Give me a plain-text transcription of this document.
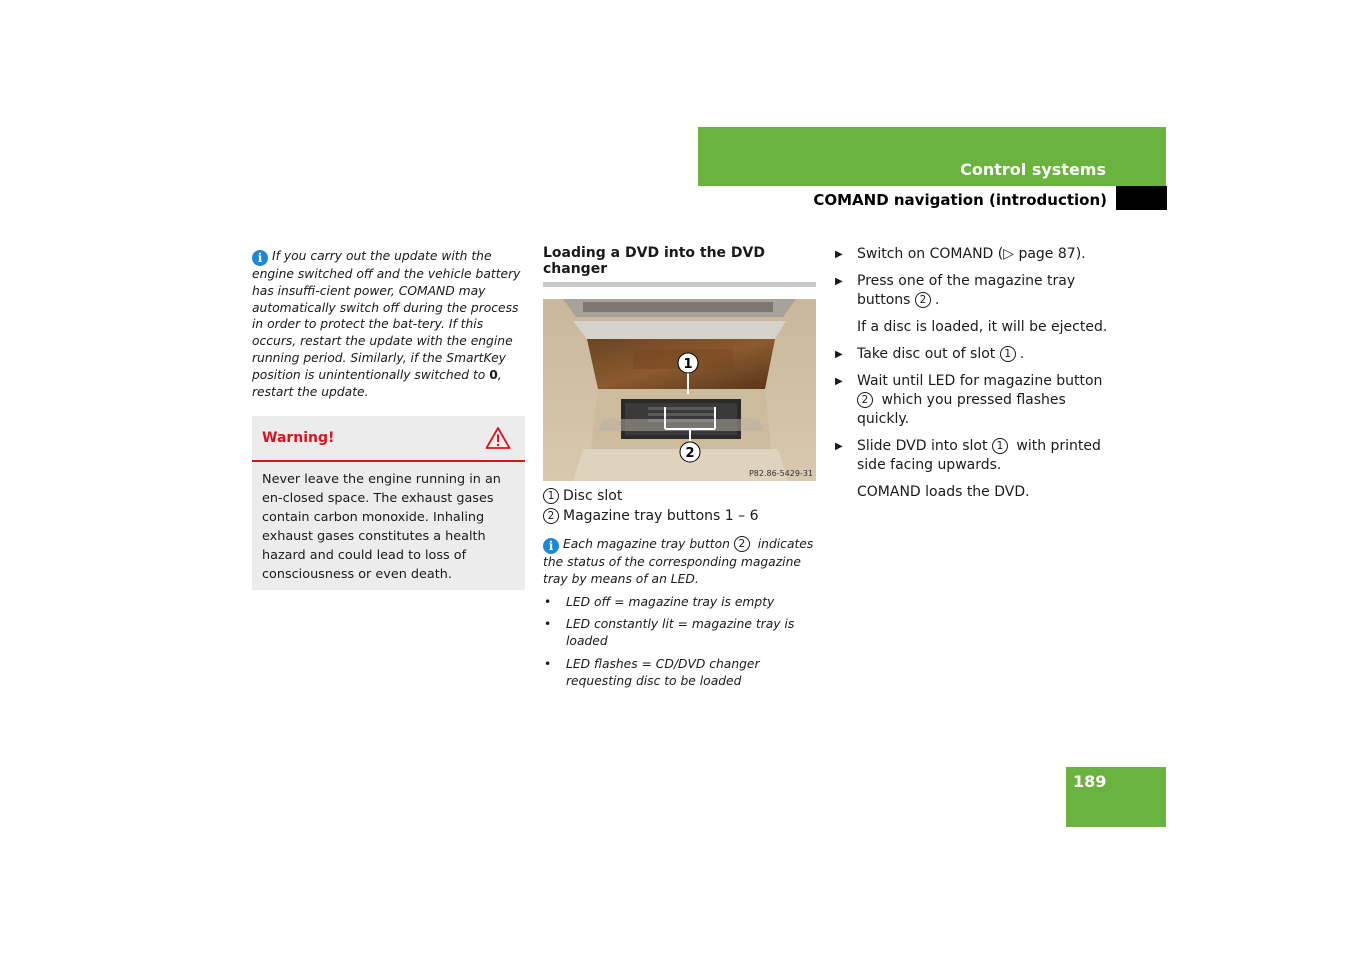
Control systems
COMAND navigation (introduction)
i If you carry out the update with the engine switched off and the vehicle battery has insuffi-cient power, COMAND may automatically switch off during the process in order to protect the bat-tery. If this occurs, restart the update with the engine running period. Similarly, if the SmartKey position is unintentionally switched to 0, restart the update.
Warning!
Never leave the engine running in an en-closed space. The exhaust gases contain carbon monoxide. Inhaling exhaust gases constitutes a health hazard and could lead to loss of consciousness or even death.
Loading a DVD into the DVD changer
1
2
P82.86-5429-31
1 Disc slot
2 Magazine tray buttons 1 – 6
i Each magazine tray button 2 indicates the status of the corresponding magazine tray by means of an LED.
• LED off = magazine tray is empty
• LED constantly lit = magazine tray is loaded
• LED flashes = CD/DVD changer requesting disc to be loaded
▶ Switch on COMAND (▷ page 87).
▶ Press one of the magazine tray buttons 2 .
If a disc is loaded, it will be ejected.
▶ Take disc out of slot 1 .
▶ Wait until LED for magazine button 2 which you pressed flashes quickly.
▶ Slide DVD into slot 1 with printed side facing upwards.
COMAND loads the DVD.
189
